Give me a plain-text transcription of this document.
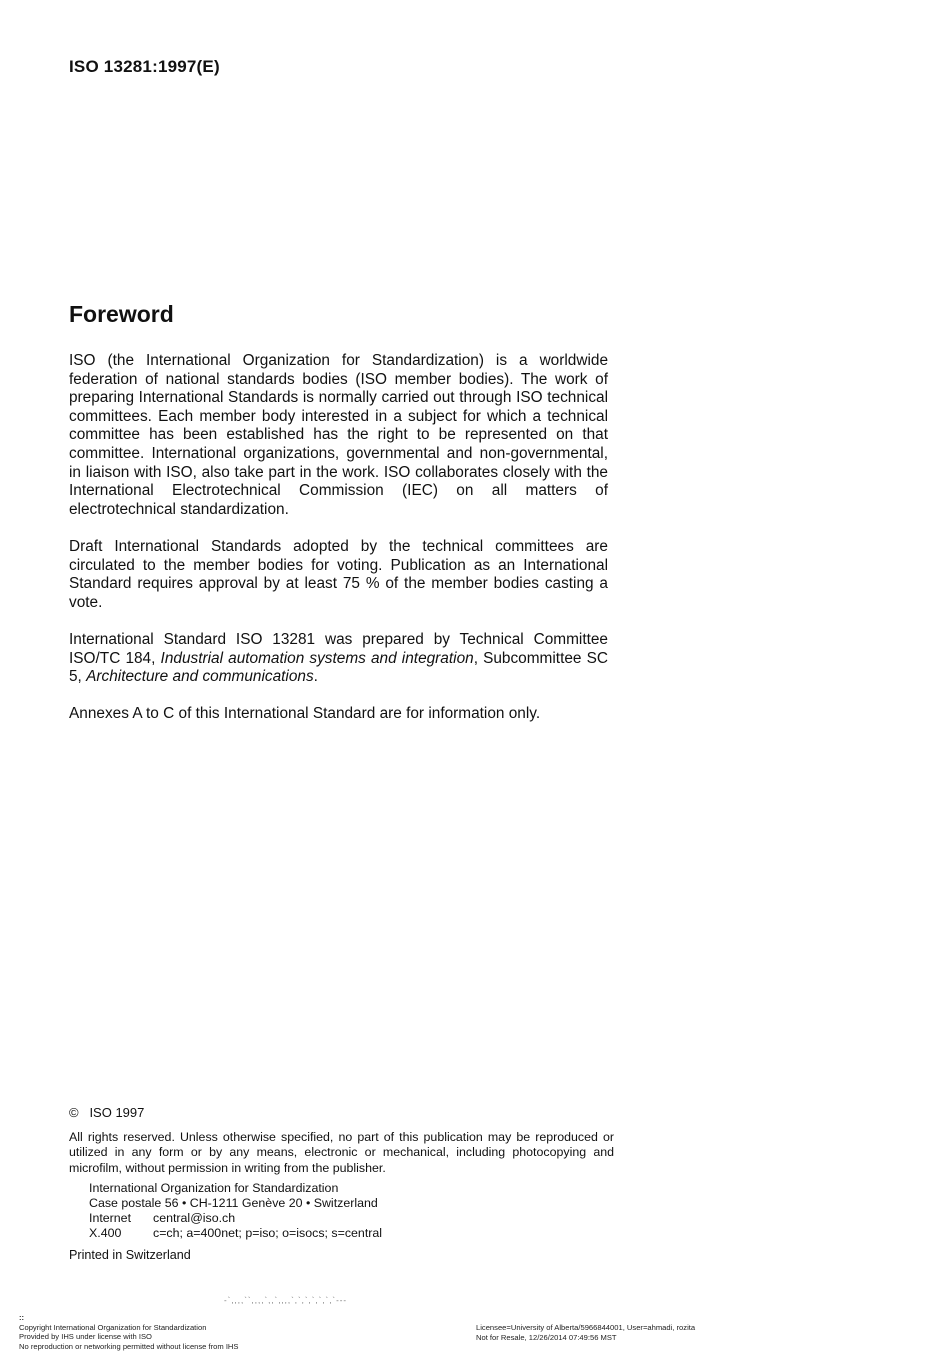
ISO 13281:1997(E)
Foreword

ISO (the International Organization for Standardization) is a worldwide federation of national standards bodies (ISO member bodies). The work of preparing International Standards is normally carried out through ISO technical committees. Each member body interested in a subject for which a technical committee has been established has the right to be represented on that committee. International organizations, governmental and non-governmental, in liaison with ISO, also take part in the work. ISO collaborates closely with the International Electrotechnical Commission (IEC) on all matters of electrotechnical standardization.

Draft International Standards adopted by the technical committees are circulated to the member bodies for voting. Publication as an International Standard requires approval by at least 75 % of the member bodies casting a vote.

International Standard ISO 13281 was prepared by Technical Committee ISO/TC 184, Industrial automation systems and integration, Subcommittee SC 5, Architecture and communications.

Annexes A to C of this International Standard are for information only.

© ISO 1997
All rights reserved. Unless otherwise specified, no part of this publication may be reproduced or utilized in any form or by any means, electronic or mechanical, including photocopying and microfilm, without permission in writing from the publisher.
International Organization for Standardization
Case postale 56 • CH-1211 Genève 20 • Switzerland
Internet central@iso.ch
X.400	c=ch; a=400net; p=iso; o=isocs; s=central
Printed in Switzerland
-`,,,,``,,,,`,,`,,,,`,`,`,`,`,`,`---
::
Copyright International Organization for Standardization
Provided by IHS under license with ISO
No reproduction or networking permitted without license from IHS
Licensee=University of Alberta/5966844001, User=ahmadi, rozita
Not for Resale, 12/26/2014 07:49:56 MST
